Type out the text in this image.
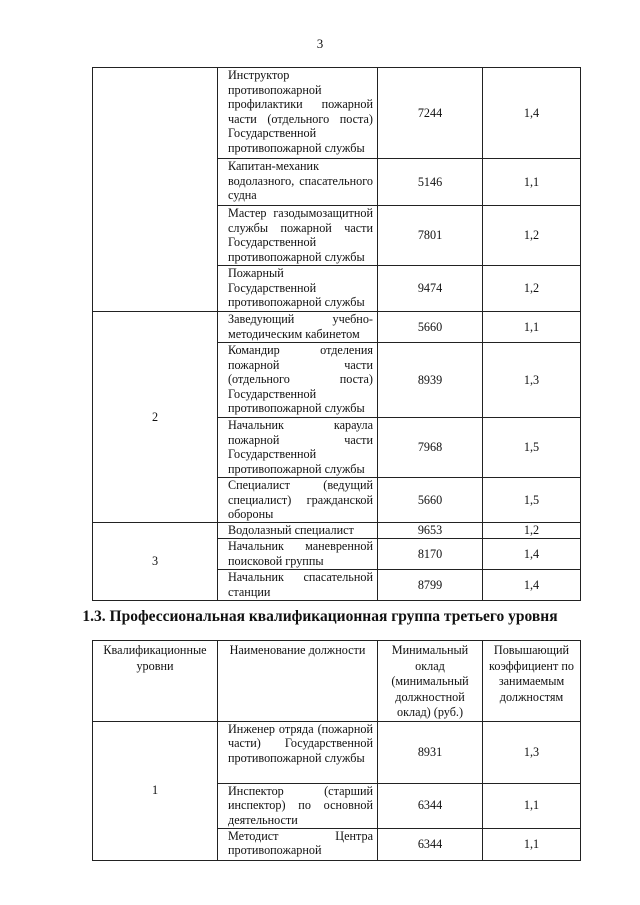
3
	Инструктор противопожарной профилактики пожарной части (отдельного поста) Государственной противопожарной службы	7244	1,4
	Капитан-механик водолазного, спасательного судна	5146	1,1
	Мастер газодымозащитной службы пожарной части Государственной противопожарной службы	7801	1,2
	Пожарный Государственной противопожарной службы	9474	1,2
2	Заведующий учебно-методическим кабинетом	5660	1,1
	Командир отделения пожарной части (отдельного поста) Государственной противопожарной службы	8939	1,3
	Начальник караула пожарной части Государственной противопожарной службы	7968	1,5
	Специалист (ведущий специалист) гражданской обороны	5660	1,5
3	Водолазный специалист	9653	1,2
	Начальник маневренной поисковой группы	8170	1,4
	Начальник спасательной станции	8799	1,4
1.3. Профессиональная квалификационная группа третьего уровня
Квалификационные уровни	Наименование должности	Минимальный оклад (минимальный должностной оклад) (руб.)	Повышающий коэффициент по занимаемым должностям
1	Инженер отряда (пожарной части) Государственной противопожарной службы	8931	1,3
	Инспектор (старший инспектор) по основной деятельности	6344	1,1
	Методист Центра противопожарной	6344	1,1
